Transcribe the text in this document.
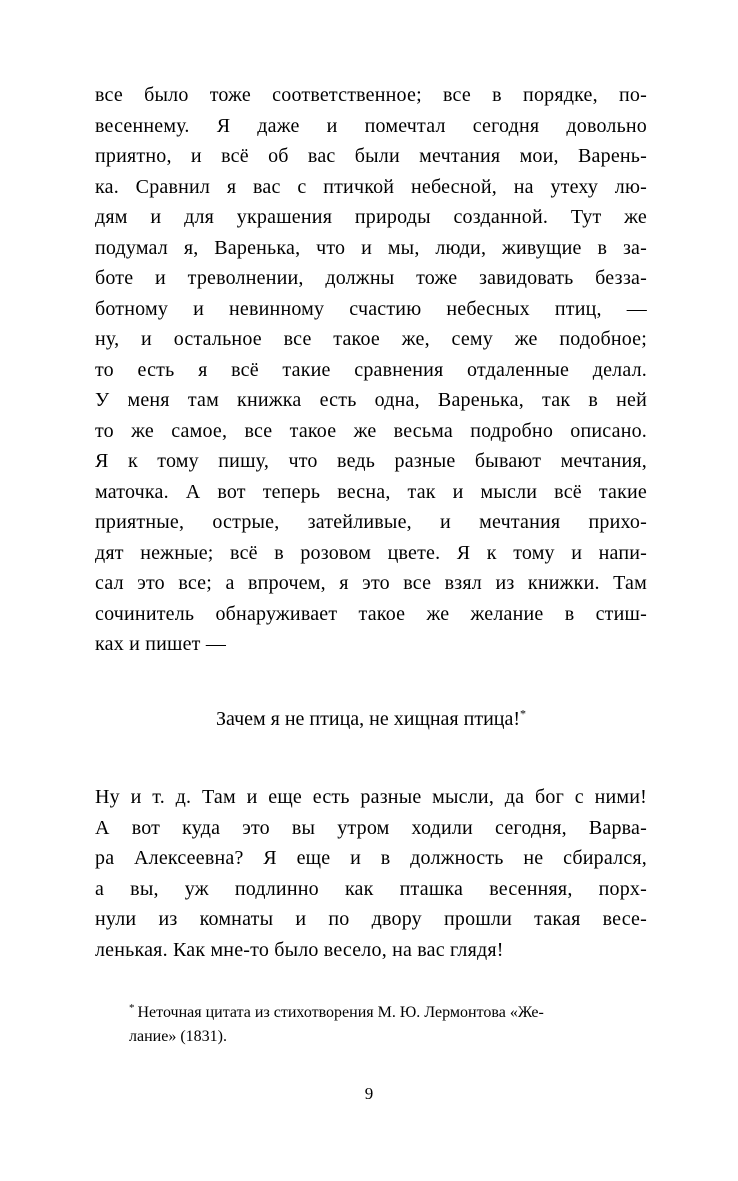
все было тоже соответственное; все в порядке, по-
весеннему. Я даже и помечтал сегодня довольно
приятно, и всё об вас были мечтания мои, Варень-
ка. Сравнил я вас с птичкой небесной, на утеху лю-
дям и для украшения природы созданной. Тут же
подумал я, Варенька, что и мы, люди, живущие в за-
боте и треволнении, должны тоже завидовать безза-
ботному и невинному счастию небесных птиц, —
ну, и остальное все такое же, сему же подобное;
то есть я всё такие сравнения отдаленные делал.
У меня там книжка есть одна, Варенька, так в ней
то же самое, все такое же весьма подробно описано.
Я к тому пишу, что ведь разные бывают мечтания,
маточка. А вот теперь весна, так и мысли всё такие
приятные, острые, затейливые, и мечтания прихо-
дят нежные; всё в розовом цвете. Я к тому и напи-
сал это все; а впрочем, я это все взял из книжки. Там
сочинитель обнаруживает такое же желание в стиш-
ках и пишет —
Зачем я не птица, не хищная птица!*
Ну и т. д. Там и еще есть разные мысли, да бог с ними!
А вот куда это вы утром ходили сегодня, Варва-
ра Алексеевна? Я еще и в должность не сбирался,
а вы, уж подлинно как пташка весенняя, порх-
нули из комнаты и по двору прошли такая весе-
ленькая. Как мне-то было весело, на вас глядя!
* Неточная цитата из стихотворения М. Ю. Лермонтова «Же-
лание» (1831).
9
